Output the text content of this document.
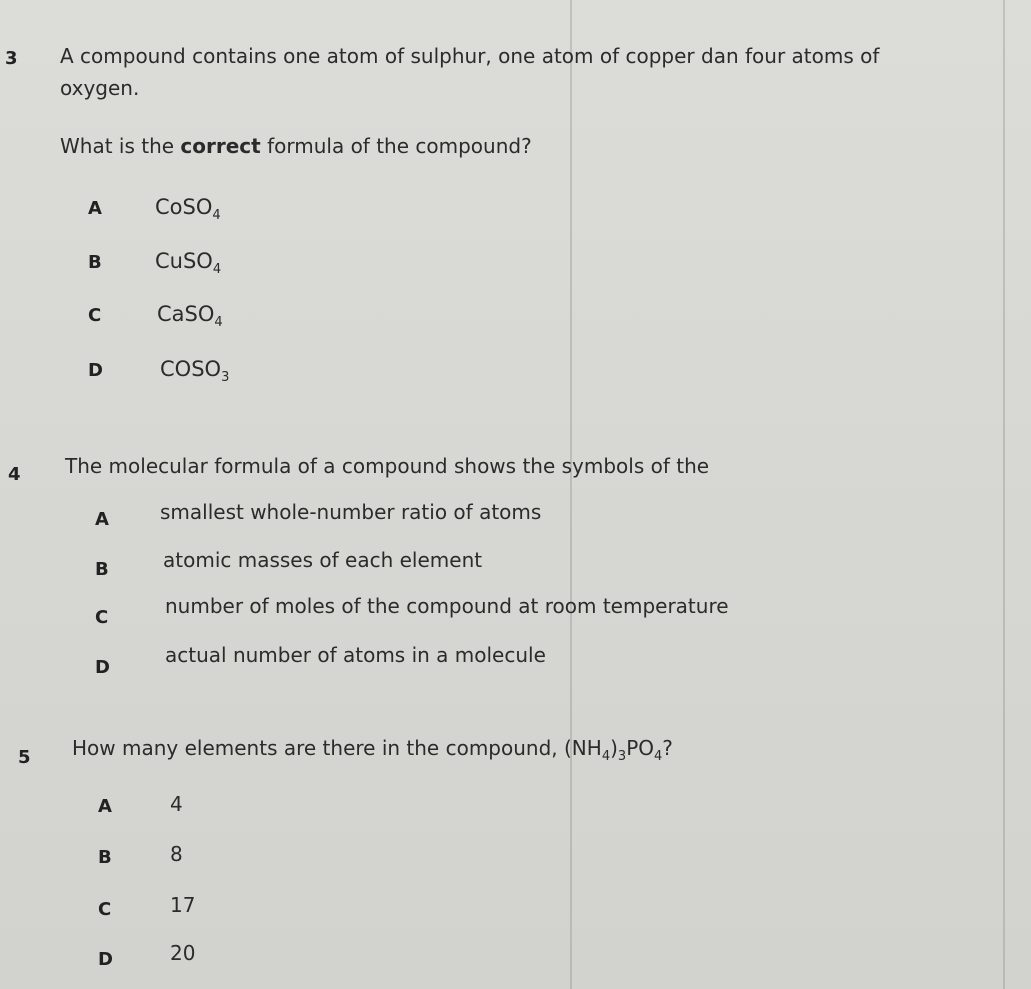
3 A compound contains one atom of sulphur, one atom of copper dan four atoms of
oxygen.
What is the correct formula of the compound?
A	CoSO$_4$
B	CuSO$_4$
C	CaSO$_4$
D	$COSO_3$
4 The molecular formula of a compound shows the symbols of the
A	smallest whole-number ratio of atoms
B	atomic masses of each element
C	number of moles of the compound at room temperature
D
actual number of atoms in a molecule
5 How many elements are there in the compound, $(NH_4)_3PO_4$?
A	4
B	8
C	17
D	20
